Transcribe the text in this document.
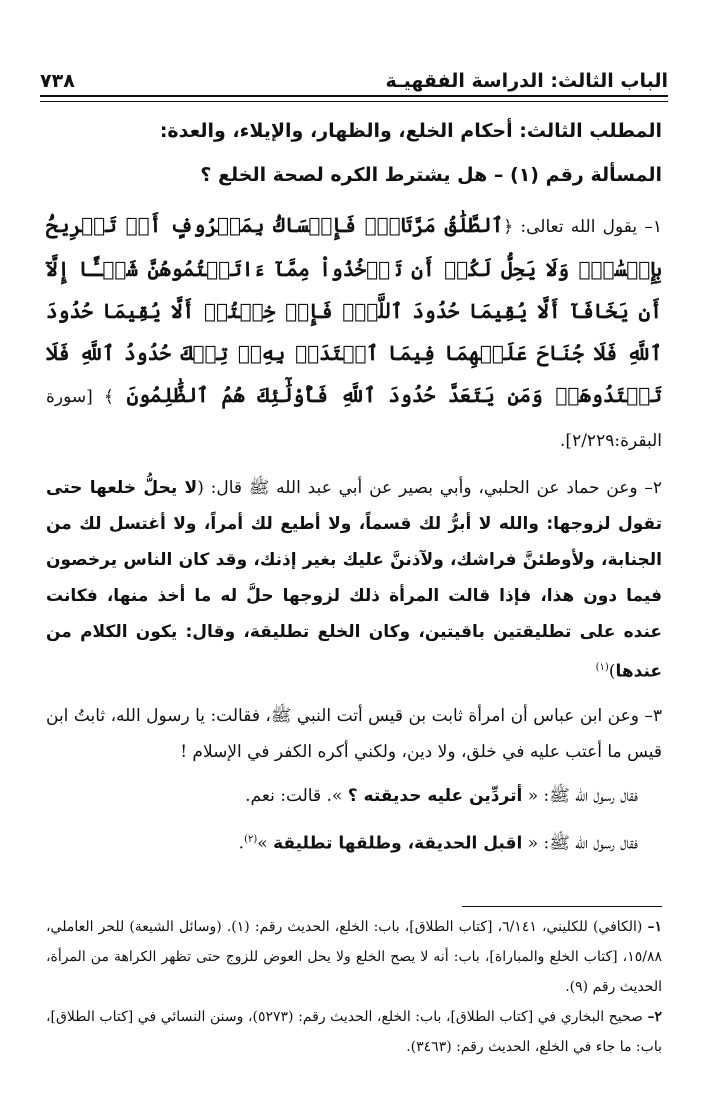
الباب الثالث: الدراسة الفقهيـة
٧٣٨

المطلب الثالث: أحكام الخلع، والظهار، والإيلاء، والعدة:

المسألة رقم (١) – هل يشترط الكره لصحة الخلع ؟

١– يقول الله تعالى: ﴿ٱلطَّلَٰقُ مَرَّتَانِۖ فَإِمۡسَاكُۢ بِمَعۡرُوفٍ أَوۡ تَسۡرِيحُۢ بِإِحۡسَٰنٖۗ وَلَا يَحِلُّ لَكُمۡ أَن تَأۡخُذُواْ مِمَّآ ءَاتَيۡتُمُوهُنَّ شَيۡـًٔا إِلَّآ أَن يَخَافَآ أَلَّا يُقِيمَا حُدُودَ ٱللَّهِۖ فَإِنۡ خِفۡتُمۡ أَلَّا يُقِيمَا حُدُودَ ٱللَّهِ فَلَا جُنَاحَ عَلَيۡهِمَا فِيمَا ٱفۡتَدَتۡ بِهِۦۗ تِلۡكَ حُدُودُ ٱللَّهِ فَلَا تَعۡتَدُوهَاۚ وَمَن يَتَعَدَّ حُدُودَ ٱللَّهِ فَأُوْلَٰٓئِكَ هُمُ ٱلظَّٰلِمُونَ ﴾ [سورة البقرة:٢/٢٢٩].

٢– وعن حماد عن الحلبي، وأبي بصير عن أبي عبد الله ﷺ قال: (لا يحلُّ خلعها حتى تقول لزوجها: والله لا أبرُّ لك قسماً، ولا أطيع لك أمراً، ولا أغتسل لك من الجنابة، ولأوطئنَّ فراشك، ولآذننَّ عليك بغير إذنك، وقد كان الناس يرخصون فيما دون هذا، فإذا قالت المرأة ذلك لزوجها حلَّ له ما أخذ منها، فكانت عنده على تطليقتين باقيتين، وكان الخلع تطليقة، وقال: يكون الكلام من عندها)$^{(١)}$

٣– وعن ابن عباس أن امرأة ثابت بن قيس أتت النبي ﷺ، فقالت: يا رسول الله، ثابتُ ابن قيس ما أعتب عليه في خلق، ولا دين، ولكني أكره الكفر في الإسلام !

فقال رسول الله ﷺ: « أتردِّين عليه حديقته ؟ ». قالت: نعم.

فقال رسول الله ﷺ: « اقبل الحديقة، وطلقها تطليقة »$^{(٢)}$.

١– (الكافي) للكليني، ٦/١٤١، [كتاب الطلاق]، باب: الخلع، الحديث رقم: (١). (وسائل الشيعة) للحر العاملي، ١٥/٨٨، [كتاب الخلع والمباراة]، باب: أنه لا يصح الخلع ولا يحل العوض للزوج حتى تظهر الكراهة من المرأة، الحديث رقم (٩).

٢– صحيح البخاري في [كتاب الطلاق]، باب: الخلع، الحديث رقم: (٥٢٧٣)، وسنن النسائي في [كتاب الطلاق]، باب: ما جاء في الخلع، الحديث رقم: (٣٤٦٣).
